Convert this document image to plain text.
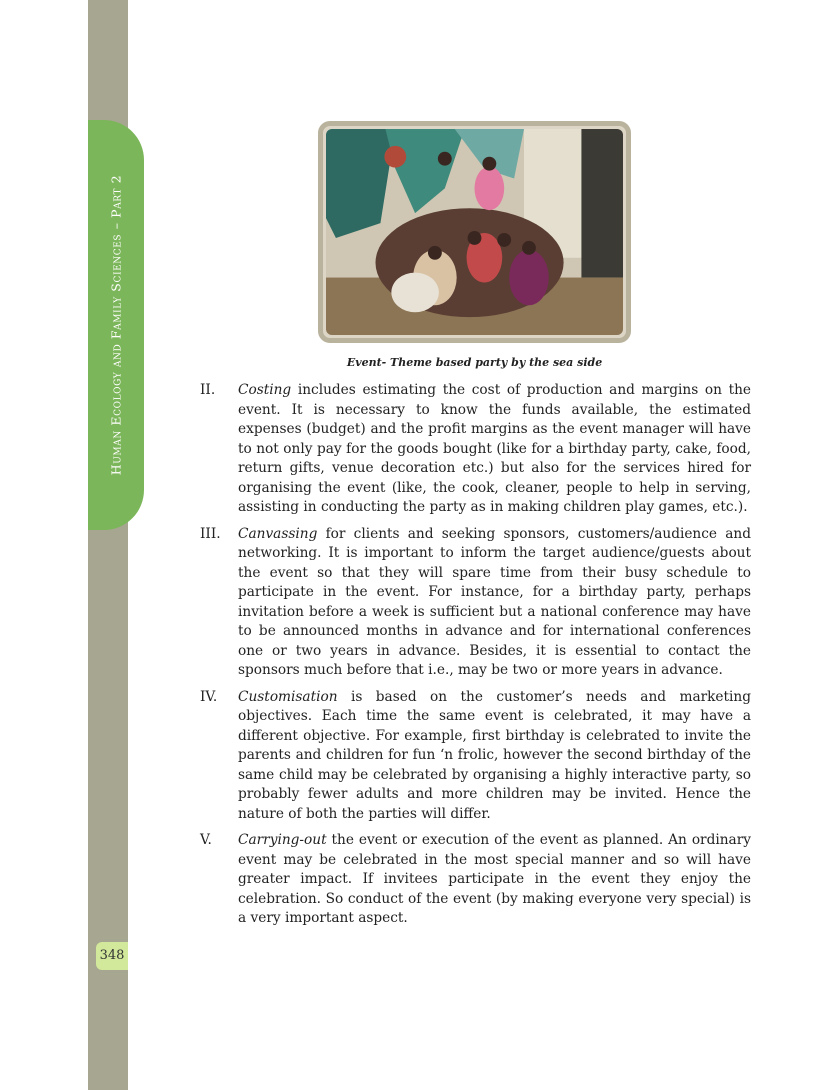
Human Ecology and Family Sciences – Part 2
348
Event- Theme based party by the sea side
II. Costing includes estimating the cost of production and margins on the event. It is necessary to know the funds available, the estimated expenses (budget) and the profit margins as the event manager will have to not only pay for the goods bought (like for a birthday party, cake, food, return gifts, venue decoration etc.) but also for the services hired for organising the event (like, the cook, cleaner, people to help in serving, assisting in conducting the party as in making children play games, etc.).
III. Canvassing for clients and seeking sponsors, customers/audience and networking. It is important to inform the target audience/guests about the event so that they will spare time from their busy schedule to participate in the event. For instance, for a birthday party, perhaps invitation before a week is sufficient but a national conference may have to be announced months in advance and for international conferences one or two years in advance. Besides, it is essential to contact the sponsors much before that i.e., may be two or more years in advance.
IV. Customisation is based on the customer’s needs and marketing objectives. Each time the same event is celebrated, it may have a different objective. For example, first birthday is celebrated to invite the parents and children for fun ‘n frolic, however the second birthday of the same child may be celebrated by organising a highly interactive party, so probably fewer adults and more children may be invited. Hence the nature of both the parties will differ.
V. Carrying-out the event or execution of the event as planned. An ordinary event may be celebrated in the most special manner and so will have greater impact. If invitees participate in the event they enjoy the celebration. So conduct of the event (by making everyone very special) is a very important aspect.
